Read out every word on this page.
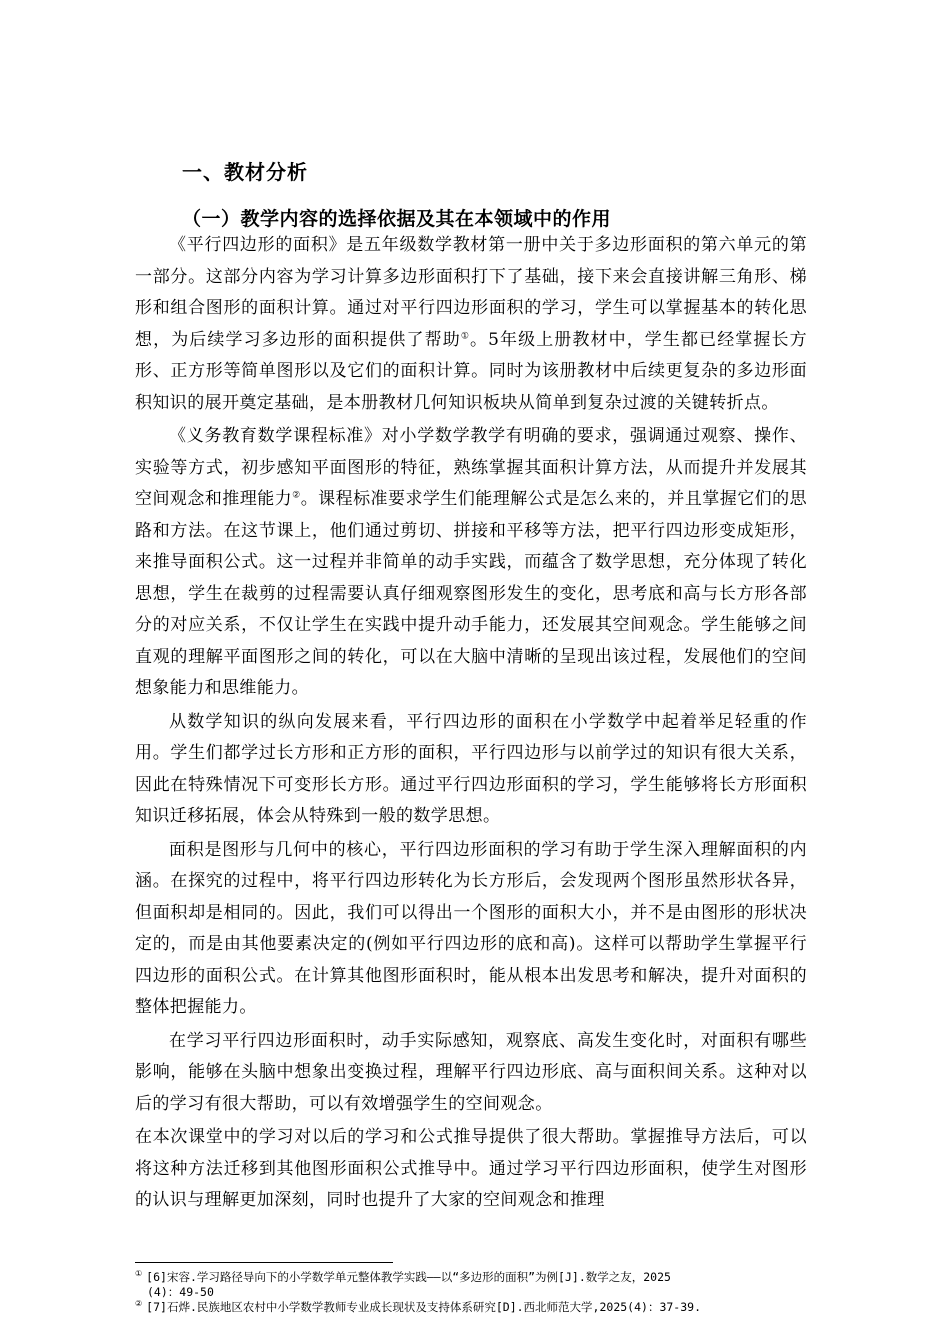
一、教材分析
（一）教学内容的选择依据及其在本领域中的作用

《平行四边形的面积》是五年级数学教材第一册中关于多边形面积的第六单元的第一部分。这部分内容为学习计算多边形面积打下了基础，接下来会直接讲解三角形、梯形和组合图形的面积计算。通过对平行四边形面积的学习，学生可以掌握基本的转化思想，为后续学习多边形的面积提供了帮助①。5年级上册教材中，学生都已经掌握长方形、正方形等简单图形以及它们的面积计算。同时为该册教材中后续更复杂的多边形面积知识的展开奠定基础，是本册教材几何知识板块从简单到复杂过渡的关键转折点。

《义务教育数学课程标准》对小学数学教学有明确的要求，强调通过观察、操作、实验等方式，初步感知平面图形的特征，熟练掌握其面积计算方法，从而提升并发展其空间观念和推理能力②。课程标准要求学生们能理解公式是怎么来的，并且掌握它们的思路和方法。在这节课上，他们通过剪切、拼接和平移等方法，把平行四边形变成矩形，来推导面积公式。这一过程并非简单的动手实践，而蕴含了数学思想，充分体现了转化思想，学生在裁剪的过程需要认真仔细观察图形发生的变化，思考底和高与长方形各部分的对应关系，不仅让学生在实践中提升动手能力，还发展其空间观念。学生能够之间直观的理解平面图形之间的转化，可以在大脑中清晰的呈现出该过程，发展他们的空间想象能力和思维能力。

从数学知识的纵向发展来看，平行四边形的面积在小学数学中起着举足轻重的作用。学生们都学过长方形和正方形的面积，平行四边形与以前学过的知识有很大关系，因此在特殊情况下可变形长方形。通过平行四边形面积的学习，学生能够将长方形面积知识迁移拓展，体会从特殊到一般的数学思想。

面积是图形与几何中的核心，平行四边形面积的学习有助于学生深入理解面积的内涵。在探究的过程中，将平行四边形转化为长方形后，会发现两个图形虽然形状各异，但面积却是相同的。因此，我们可以得出一个图形的面积大小，并不是由图形的形状决定的，而是由其他要素决定的(例如平行四边形的底和高)。这样可以帮助学生掌握平行四边形的面积公式。在计算其他图形面积时，能从根本出发思考和解决，提升对面积的整体把握能力。

在学习平行四边形面积时，动手实际感知，观察底、高发生变化时，对面积有哪些影响，能够在头脑中想象出变换过程，理解平行四边形底、高与面积间关系。这种对以后的学习有很大帮助，可以有效增强学生的空间观念。

在本次课堂中的学习对以后的学习和公式推导提供了很大帮助。掌握推导方法后，可以将这种方法迁移到其他图形面积公式推导中。通过学习平行四边形面积，使学生对图形的认识与理解更加深刻，同时也提升了大家的空间观念和推理

① [6]宋容.学习路径导向下的小学数学单元整体教学实践——以“多边形的面积”为例[J].数学之友，2025

(4)：49-50

② [7]石烨.民族地区农村中小学数学教师专业成长现状及支持体系研究[D].西北师范大学,2025(4)：37-39.
